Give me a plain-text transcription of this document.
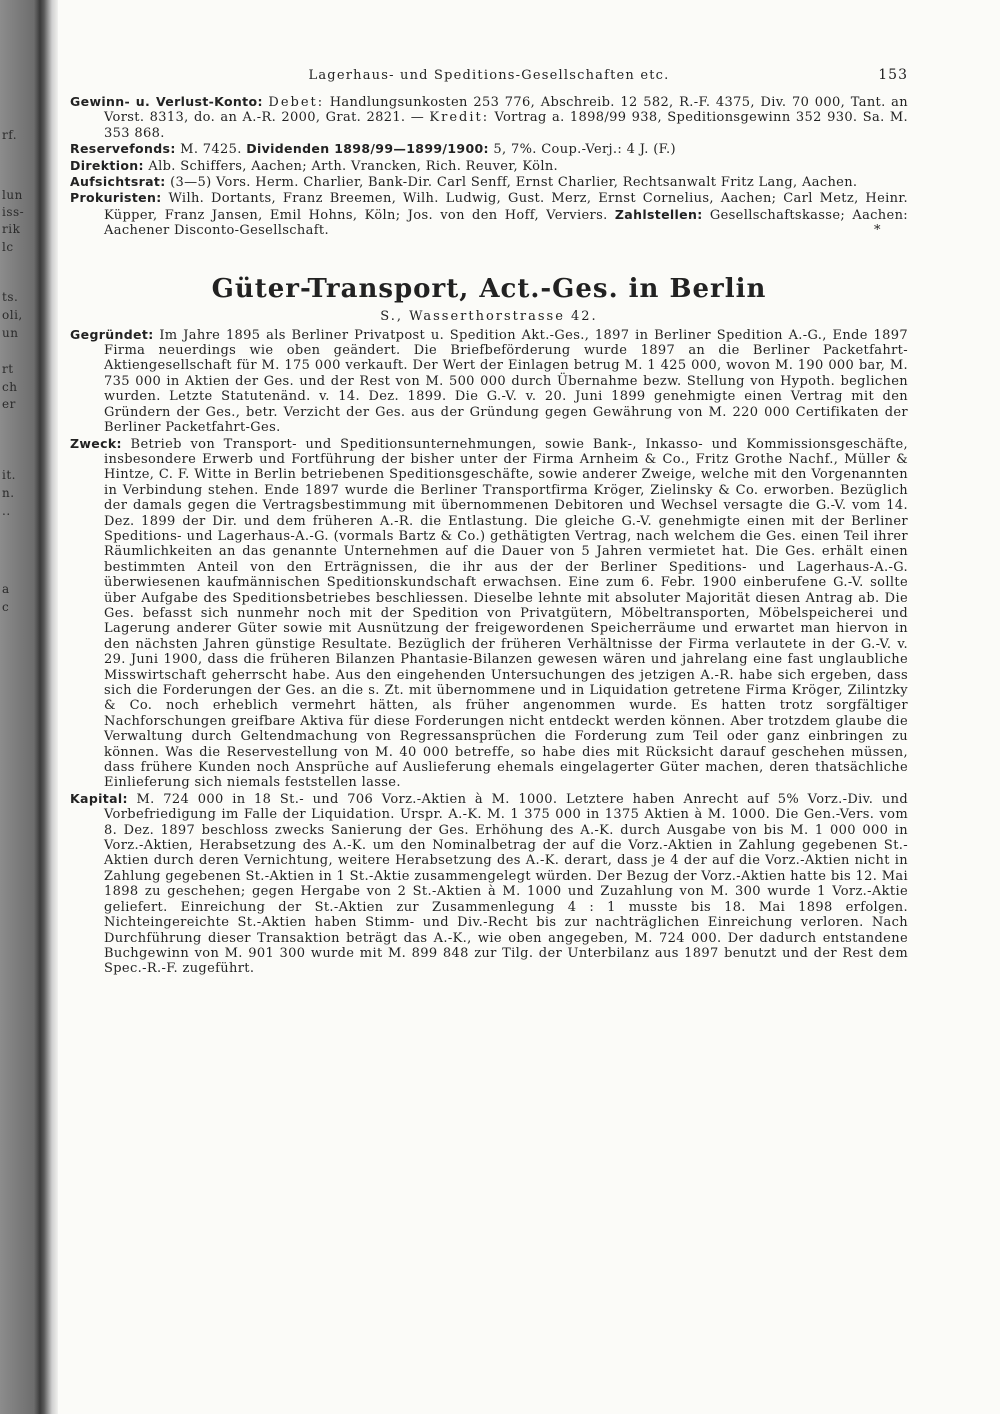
rf.
lun
iss-
rik
lc
ts.
oli,
un
rt
ch
er
it.
n.
..
a
c
Lagerhaus- und Speditions-Gesellschaften etc.	153

Gewinn- u. Verlust-Konto: Debet: Handlungsunkosten 253 776, Abschreib. 12 582, R.-F. 4375, Div. 70 000, Tant. an Vorst. 8313, do. an A.-R. 2000, Grat. 2821. — Kredit: Vortrag a. 1898/99 938, Speditionsgewinn 352 930. Sa. M. 353 868.

Reservefonds: M. 7425. Dividenden 1898/99—1899/1900: 5, 7%. Coup.-Verj.: 4 J. (F.)

Direktion: Alb. Schiffers, Aachen; Arth. Vrancken, Rich. Reuver, Köln.

Aufsichtsrat: (3—5) Vors. Herm. Charlier, Bank-Dir. Carl Senff, Ernst Charlier, Rechtsanwalt Fritz Lang, Aachen.

Prokuristen: Wilh. Dortants, Franz Breemen, Wilh. Ludwig, Gust. Merz, Ernst Cornelius, Aachen; Carl Metz, Heinr. Küpper, Franz Jansen, Emil Hohns, Köln; Jos. von den Hoff, Verviers. Zahlstellen: Gesellschaftskasse; Aachen: Aachener Disconto-Gesellschaft.	*

Güter-Transport, Act.-Ges. in Berlin
S., Wasserthorstrasse 42.

Gegründet: Im Jahre 1895 als Berliner Privatpost u. Spedition Akt.-Ges., 1897 in Berliner Spedition A.-G., Ende 1897 Firma neuerdings wie oben geändert. Die Briefbeförderung wurde 1897 an die Berliner Packetfahrt-Aktiengesellschaft für M. 175 000 verkauft. Der Wert der Einlagen betrug M. 1 425 000, wovon M. 190 000 bar, M. 735 000 in Aktien der Ges. und der Rest von M. 500 000 durch Übernahme bezw. Stellung von Hypoth. beglichen wurden. Letzte Statutenänd. v. 14. Dez. 1899. Die G.-V. v. 20. Juni 1899 genehmigte einen Vertrag mit den Gründern der Ges., betr. Verzicht der Ges. aus der Gründung gegen Gewährung von M. 220 000 Certifikaten der Berliner Packetfahrt-Ges.

Zweck: Betrieb von Transport- und Speditionsunternehmungen, sowie Bank-, Inkasso- und Kommissionsgeschäfte, insbesondere Erwerb und Fortführung der bisher unter der Firma Arnheim & Co., Fritz Grothe Nachf., Müller & Hintze, C. F. Witte in Berlin betriebenen Speditionsgeschäfte, sowie anderer Zweige, welche mit den Vorgenannten in Verbindung stehen. Ende 1897 wurde die Berliner Transportfirma Kröger, Zielinsky & Co. erworben. Bezüglich der damals gegen die Vertragsbestimmung mit übernommenen Debitoren und Wechsel versagte die G.-V. vom 14. Dez. 1899 der Dir. und dem früheren A.-R. die Entlastung. Die gleiche G.-V. genehmigte einen mit der Berliner Speditions- und Lagerhaus-A.-G. (vormals Bartz & Co.) gethätigten Vertrag, nach welchem die Ges. einen Teil ihrer Räumlichkeiten an das genannte Unternehmen auf die Dauer von 5 Jahren vermietet hat. Die Ges. erhält einen bestimmten Anteil von den Erträgnissen, die ihr aus der der Berliner Speditions- und Lagerhaus-A.-G. überwiesenen kaufmännischen Speditionskundschaft erwachsen. Eine zum 6. Febr. 1900 einberufene G.-V. sollte über Aufgabe des Speditionsbetriebes beschliessen. Dieselbe lehnte mit absoluter Majorität diesen Antrag ab. Die Ges. befasst sich nunmehr noch mit der Spedition von Privatgütern, Möbeltransporten, Möbelspeicherei und Lagerung anderer Güter sowie mit Ausnützung der freigewordenen Speicherräume und erwartet man hiervon in den nächsten Jahren günstige Resultate. Bezüglich der früheren Verhältnisse der Firma verlautete in der G.-V. v. 29. Juni 1900, dass die früheren Bilanzen Phantasie-Bilanzen gewesen wären und jahrelang eine fast unglaubliche Misswirtschaft geherrscht habe. Aus den eingehenden Untersuchungen des jetzigen A.-R. habe sich ergeben, dass sich die Forderungen der Ges. an die s. Zt. mit übernommene und in Liquidation getretene Firma Kröger, Zilintzky & Co. noch erheblich vermehrt hätten, als früher angenommen wurde. Es hatten trotz sorgfältiger Nachforschungen greifbare Aktiva für diese Forderungen nicht entdeckt werden können. Aber trotzdem glaube die Verwaltung durch Geltendmachung von Regressansprüchen die Forderung zum Teil oder ganz einbringen zu können. Was die Reservestellung von M. 40 000 betreffe, so habe dies mit Rücksicht darauf geschehen müssen, dass frühere Kunden noch Ansprüche auf Auslieferung ehemals eingelagerter Güter machen, deren thatsächliche Einlieferung sich niemals feststellen lasse.

Kapital: M. 724 000 in 18 St.- und 706 Vorz.-Aktien à M. 1000. Letztere haben Anrecht auf 5% Vorz.-Div. und Vorbefriedigung im Falle der Liquidation. Urspr. A.-K. M. 1 375 000 in 1375 Aktien à M. 1000. Die Gen.-Vers. vom 8. Dez. 1897 beschloss zwecks Sanierung der Ges. Erhöhung des A.-K. durch Ausgabe von bis M. 1 000 000 in Vorz.-Aktien, Herabsetzung des A.-K. um den Nominalbetrag der auf die Vorz.-Aktien in Zahlung gegebenen St.-Aktien durch deren Vernichtung, weitere Herabsetzung des A.-K. derart, dass je 4 der auf die Vorz.-Aktien nicht in Zahlung gegebenen St.-Aktien in 1 St.-Aktie zusammengelegt würden. Der Bezug der Vorz.-Aktien hatte bis 12. Mai 1898 zu geschehen; gegen Hergabe von 2 St.-Aktien à M. 1000 und Zuzahlung von M. 300 wurde 1 Vorz.-Aktie geliefert. Einreichung der St.-Aktien zur Zusammenlegung 4 : 1 musste bis 18. Mai 1898 erfolgen. Nichteingereichte St.-Aktien haben Stimm- und Div.-Recht bis zur nachträglichen Einreichung verloren. Nach Durchführung dieser Transaktion beträgt das A.-K., wie oben angegeben, M. 724 000. Der dadurch entstandene Buchgewinn von M. 901 300 wurde mit M. 899 848 zur Tilg. der Unterbilanz aus 1897 benutzt und der Rest dem Spec.-R.-F. zugeführt.
